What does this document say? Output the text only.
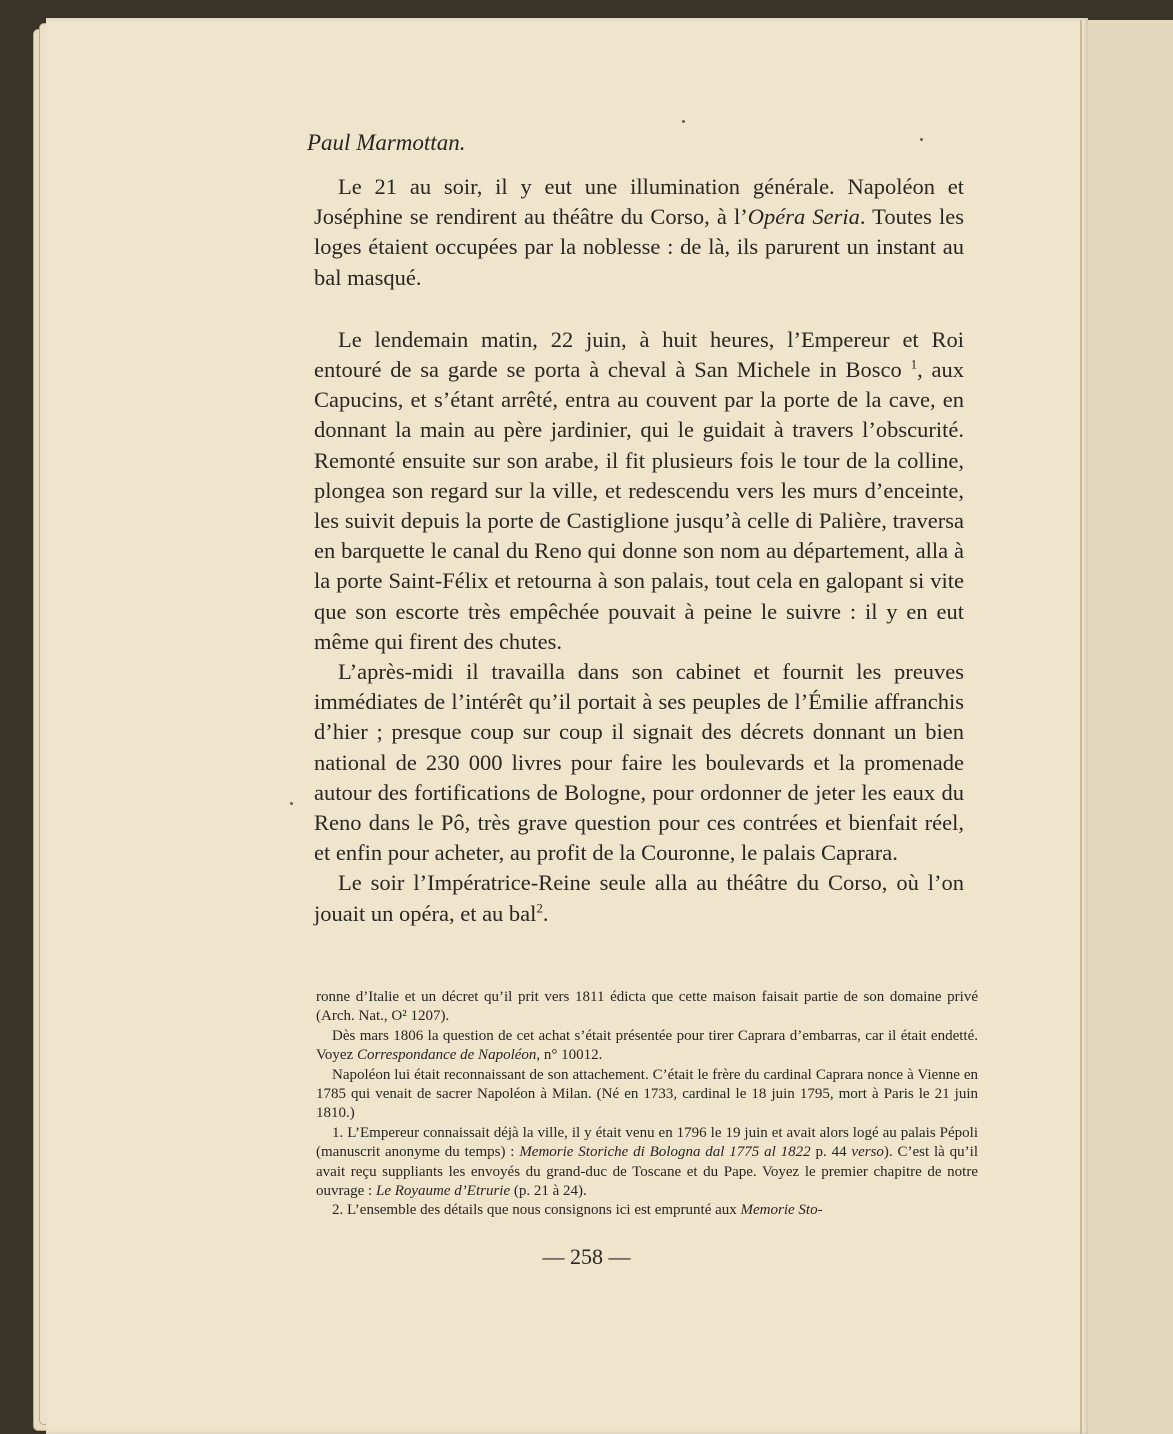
Paul Marmottan.

Le 21 au soir, il y eut une illumination générale. Napoléon et Joséphine se rendirent au théâtre du Corso, à l’Opéra Seria. Toutes les loges étaient occupées par la noblesse : de là, ils parurent un instant au bal masqué.

Le lendemain matin, 22 juin, à huit heures, l’Empereur et Roi entouré de sa garde se porta à cheval à San Michele in Bosco $^1$, aux Capucins, et s’étant arrêté, entra au couvent par la porte de la cave, en donnant la main au père jardinier, qui le guidait à travers l’obscurité. Remonté ensuite sur son arabe, il fit plusieurs fois le tour de la colline, plongea son regard sur la ville, et redescendu vers les murs d’enceinte, les suivit depuis la porte de Castiglione jusqu’à celle di Palière, traversa en barquette le canal du Reno qui donne son nom au département, alla à la porte Saint-Félix et retourna à son palais, tout cela en galopant si vite que son escorte très empêchée pouvait à peine le suivre : il y en eut même qui firent des chutes.

L’après-midi il travailla dans son cabinet et fournit les preuves immédiates de l’intérêt qu’il portait à ses peuples de l’Émilie affranchis d’hier ; presque coup sur coup il signait des décrets donnant un bien national de 230 000 livres pour faire les boulevards et la promenade autour des fortifications de Bologne, pour ordonner de jeter les eaux du Reno dans le Pô, très grave question pour ces contrées et bienfait réel, et enfin pour acheter, au profit de la Couronne, le palais Caprara.

Le soir l’Impératrice-Reine seule alla au théâtre du Corso, où l’on jouait un opéra, et au bal$^2$.

ronne d’Italie et un décret qu’il prit vers 1811 édicta que cette maison faisait partie de son domaine privé (Arch. Nat., O² 1207).

Dès mars 1806 la question de cet achat s’était présentée pour tirer Caprara d’embarras, car il était endetté. Voyez Correspondance de Napoléon, n° 10012.

Napoléon lui était reconnaissant de son attachement. C’était le frère du cardinal Caprara nonce à Vienne en 1785 qui venait de sacrer Napoléon à Milan. (Né en 1733, cardinal le 18 juin 1795, mort à Paris le 21 juin 1810.)

1. L’Empereur connaissait déjà la ville, il y était venu en 1796 le 19 juin et avait alors logé au palais Pépoli (manuscrit anonyme du temps) : Memorie Storiche di Bologna dal 1775 al 1822 p. 44 verso). C’est là qu’il avait reçu suppliants les envoyés du grand-duc de Toscane et du Pape. Voyez le premier chapitre de notre ouvrage : Le Royaume d’Etrurie (p. 21 à 24).

2. L’ensemble des détails que nous consignons ici est emprunté aux Memorie Sto-

— 258 —
